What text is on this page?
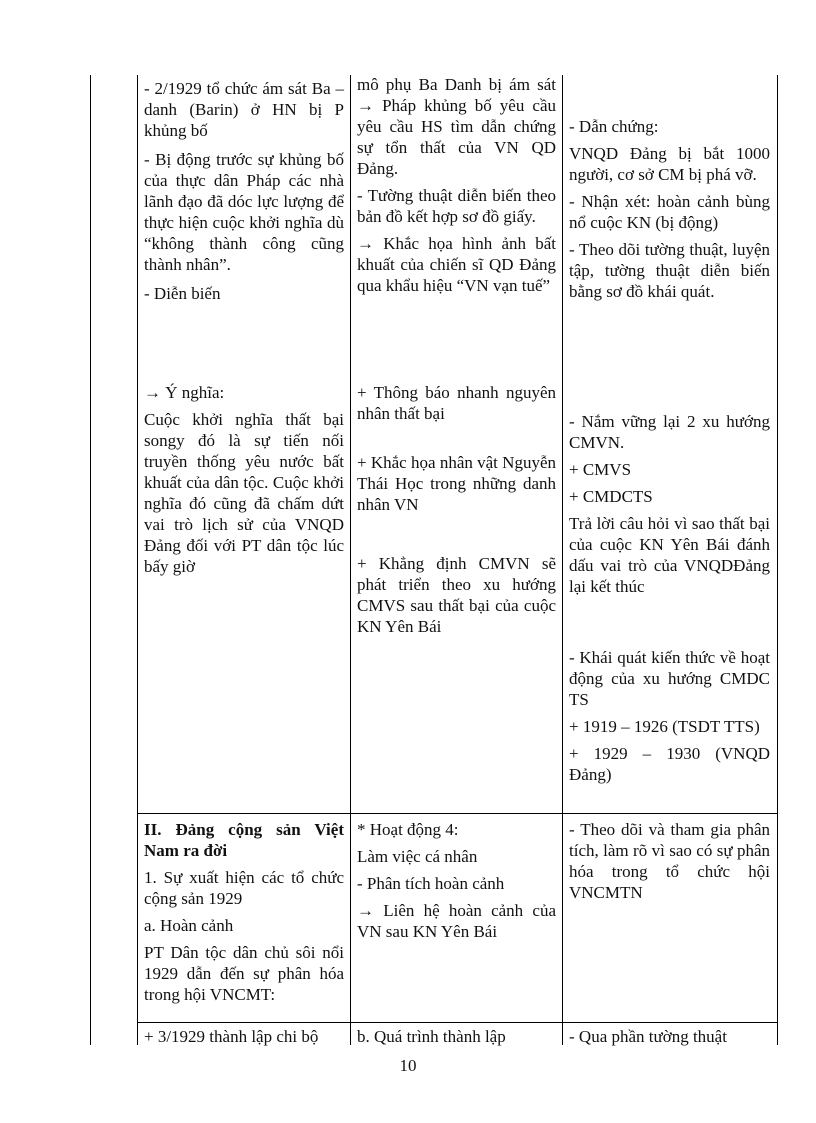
- 2/1929 tổ chức ám sát Ba – danh (Barin) ở HN bị P khủng bố

- Bị động trước sự khủng bố của thực dân Pháp các nhà lãnh đạo đã dóc lực lượng để thực hiện cuộc khởi nghĩa dù “không thành công cũng thành nhân”.

- Diễn biến

→ Ý nghĩa:

Cuộc khởi nghĩa thất bại songy đó là sự tiến nối truyền thống yêu nước bất khuất của dân tộc. Cuộc khởi nghĩa đó cũng đã chấm dứt vai trò lịch sử của VNQD Đảng đối với PT dân tộc lúc bấy giờ

II. Đảng cộng sản Việt Nam ra đời

1. Sự xuất hiện các tổ chức cộng sản 1929

a. Hoàn cảnh

PT Dân tộc dân chủ sôi nổi 1929 dẫn đến sự phân hóa trong hội VNCMT:

+ 3/1929 thành lập chi bộ

mô phụ Ba Danh bị ám sát → Pháp khủng bố yêu cầu yêu cầu HS tìm dẫn chứng sự tổn thất của VN QD Đảng.

- Tường thuật diễn biến theo bản đồ kết hợp sơ đồ giấy.

→ Khắc họa hình ảnh bất khuất của chiến sĩ QD Đảng qua khẩu hiệu “VN vạn tuế”

+ Thông báo nhanh nguyên nhân thất bại

+ Khắc họa nhân vật Nguyễn Thái Học trong những danh nhân VN

+ Khẳng định CMVN sẽ phát triển theo xu hướng CMVS sau thất bại của cuộc KN Yên Bái

* Hoạt động 4:

Làm việc cá nhân

- Phân tích hoàn cảnh

→ Liên hệ hoàn cảnh của VN sau KN Yên Bái

b. Quá trình thành lập

- Dẫn chứng:

VNQD Đảng bị bắt 1000 người, cơ sở CM bị phá vỡ.

- Nhận xét: hoàn cảnh bùng nổ cuộc KN (bị động)

- Theo dõi tường thuật, luyện tập, tường thuật diễn biến bằng sơ đồ khái quát.

- Nắm vững lại 2 xu hướng CMVN.

+ CMVS

+ CMDCTS

Trả lời câu hỏi vì sao thất bại của cuộc KN Yên Bái đánh dấu vai trò của VNQDĐảng lại kết thúc

- Khái quát kiến thức về hoạt động của xu hướng CMDC TS

+ 1919 – 1926 (TSDT TTS)

+ 1929 – 1930 (VNQD Đảng)

- Theo dõi và tham gia phân tích, làm rõ vì sao có sự phân hóa trong tổ chức hội VNCMTN

- Qua phần tường thuật

10
